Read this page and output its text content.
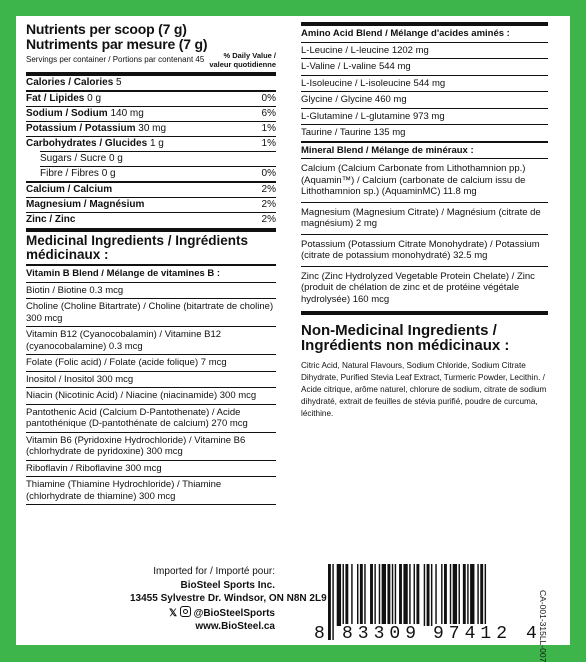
Nutrients per scoop (7 g)
Nutriments par mesure (7 g)
Servings per container / Portions par contenant 45	% Daily Value /
valeur quotidienne
Calories / Calories 5
Fat / Lipides 0 g	0%
Sodium / Sodium 140 mg	6%
Potassium / Potassium 30 mg	1%
Carbohydrates / Glucides 1 g	1%
Sugars / Sucre 0 g
Fibre / Fibres 0 g	0%
Calcium / Calcium	2%
Magnesium / Magnésium	2%
Zinc / Zinc	2%
Medicinal Ingredients / Ingrédients
médicinaux :
Vitamin B Blend / Mélange de vitamines B :
Biotin / Biotine 0.3 mcg
Choline (Choline Bitartrate) / Choline (bitartrate de choline) 300 mcg
Vitamin B12 (Cyanocobalamin) / Vitamine B12 (cyanocobalamine) 0.3 mcg
Folate (Folic acid) / Folate (acide folique) 7 mcg
Inositol / Inositol 300 mcg
Niacin (Nicotinic Acid) / Niacine (niacinamide) 300 mcg
Pantothenic Acid (Calcium D-Pantothenate) / Acide pantothénique (D-pantothénate de calcium) 270 mcg
Vitamin B6 (Pyridoxine Hydrochloride) / Vitamine B6 (chlorhydrate de pyridoxine) 300 mcg
Riboflavin / Riboflavine 300 mcg
Thiamine (Thiamine Hydrochloride) / Thiamine (chlorhydrate de thiamine) 300 mcg
Amino Acid Blend / Mélange d'acides aminés :
L-Leucine / L-leucine 1202 mg
L-Valine / L-valine 544 mg
L-Isoleucine / L-isoleucine 544 mg
Glycine / Glycine 460 mg
L-Glutamine / L-glutamine 973 mg
Taurine / Taurine 135 mg
Mineral Blend / Mélange de minéraux :
Calcium (Calcium Carbonate from Lithothamnion pp.) (Aquamin™) / Calcium (carbonate de calcium issu de Lithothamnion sp.) (AquaminMC) 11.8 mg
Magnesium (Magnesium Citrate) / Magnésium (citrate de magnésium) 2 mg
Potassium (Potassium Citrate Monohydrate) / Potassium (citrate de potassium monohydraté) 32.5 mg
Zinc (Zinc Hydrolyzed Vegetable Protein Chelate) / Zinc (produit de chélation de zinc et de protéine végétale hydrolysée) 160 mcg
Non-Medicinal Ingredients /
Ingrédients non médicinaux :
Citric Acid, Natural Flavours, Sodium Chloride, Sodium Citrate Dihydrate, Purified Stevia Leaf Extract, Turmeric Powder, Lecithin. / Acide citrique, arôme naturel, chlorure de sodium, citrate de sodium dihydraté, extrait de feuilles de stévia purifié, poudre de curcuma, lécithine.
Imported for / Importé pour:
BioSteel Sports Inc.
13455 Sylvestre Dr. Windsor, ON N8N 2L9
𝕏 @BioSteelSports
www.BioSteel.ca 8 83309 97412 4 CA-001-315LL-007
